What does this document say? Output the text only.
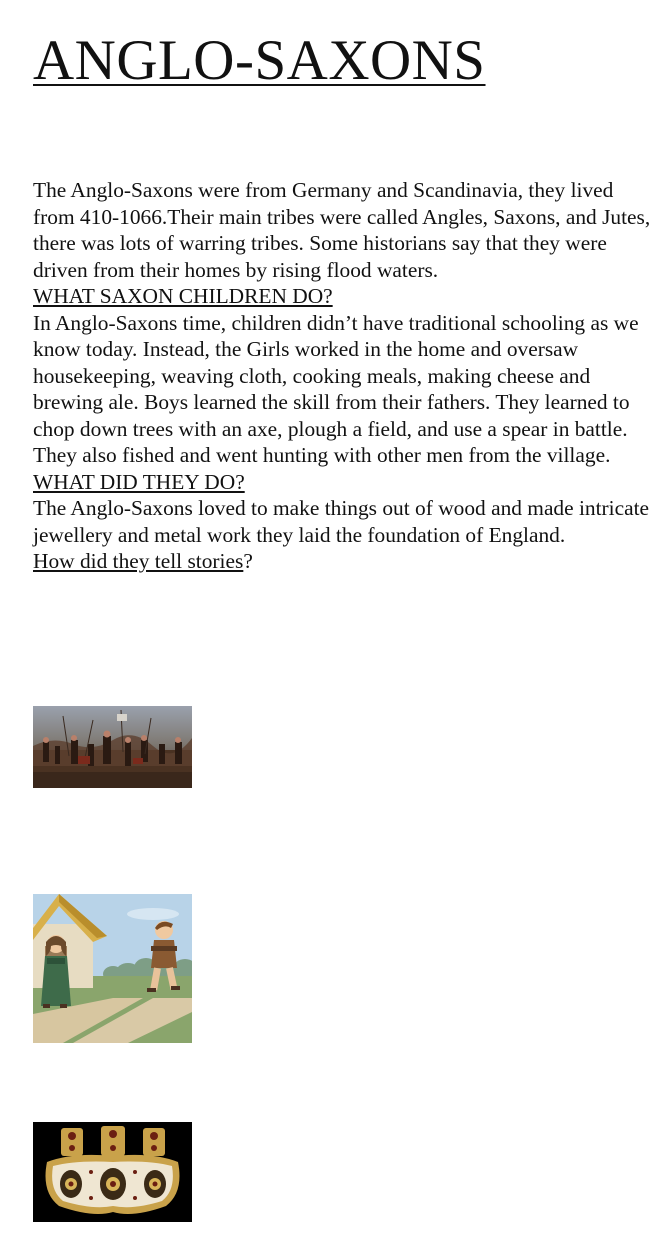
ANGLO-SAXONS

The Anglo-Saxons were from Germany and Scandinavia, they lived from 410-1066.Their main tribes were called Angles, Saxons, and Jutes, there was lots of warring tribes. Some historians say that they were driven from their homes by rising flood waters.

WHAT SAXON CHILDREN DO?

In Anglo-Saxons time, children didn’t have traditional schooling as we know today. Instead, the Girls worked in the home and oversaw housekeeping, weaving cloth, cooking meals, making cheese and brewing ale. Boys learned the skill from their fathers. They learned to chop down trees with an axe, plough a field, and use a spear in battle. They also fished and went hunting with other men from the village.

WHAT DID THEY DO?

The Anglo-Saxons loved to make things out of wood and made intricate jewellery and metal work they laid the foundation of England.

How did they tell stories?
